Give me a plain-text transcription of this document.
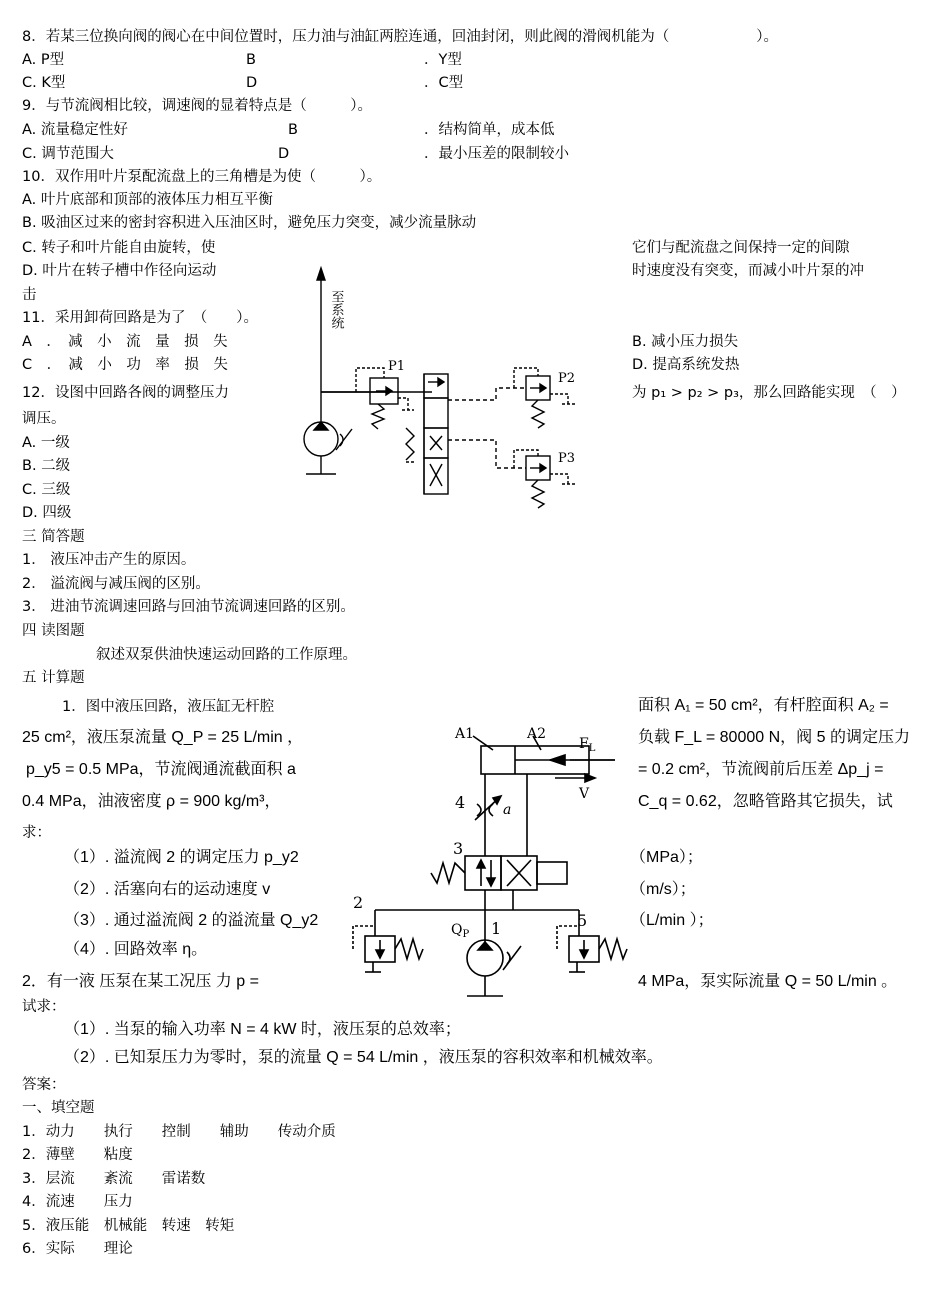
8．若某三位换向阀的阀心在中间位置时，压力油与油缸两腔连通，回油封闭，则此阀的滑阀机能为（　　　　　　）。
A. P型	B	．Y型
C. K型	D	．C型
9．与节流阀相比较，调速阀的显着特点是（　　　）。
A. 流量稳定性好	B	．结构简单，成本低
C. 调节范围大	D	．最小压差的限制较小
10．双作用叶片泵配流盘上的三角槽是为使（　　　）。
A. 叶片底部和顶部的液体压力相互平衡
B. 吸油区过来的密封容积进入压油区时，避免压力突变，减少流量脉动
C. 转子和叶片能自由旋转，使	它们与配流盘之间保持一定的间隙
D. 叶片在转子槽中作径向运动	时速度没有突变，而减小叶片泵的冲
击
11．采用卸荷回路是为了　（　　）。
A　．　减　小　流　量　损　失	B. 减小压力损失
C　．　减　小　功　率　损　失	D. 提高系统发热
12．设图中回路各阀的调整压力	为 p₁ > p₂ > p₃，那么回路能实现　（　）
调压。
A. 一级
B. 二级
C. 三级
D. 四级
至系统
P1
P2
P3
三 简答题
1． 液压冲击产生的原因。
2． 溢流阀与减压阀的区别。
3． 进油节流调速回路与回油节流调速回路的区别。
四 读图题
叙述双泵供油快速运动回路的工作原理。
五 计算题
1．图中液压回路，液压缸无杆腔	面积 A₁ = 50 cm²，有杆腔面积 A₂ =
25 cm²，液压泵流量 Q_P = 25 L/min ，	负载 F_L = 80000 N，阀 5 的调定压力
p_y5 = 0.5 MPa，节流阀通流截面积 a	= 0.2 cm²，节流阀前后压差 Δp_j =
0.4 MPa，油液密度 ρ = 900 kg/m³，	C_q = 0.62，忽略管路其它损失，试
求：
（1）. 溢流阀 2 的调定压力 p_y2	（MPa）；
（2）. 活塞向右的运动速度 v	（m/s）；
（3）. 通过溢流阀 2 的溢流量 Q_y2	（L/min ）；
（4）. 回路效率 η。
2．有一液 压泵在某工况压 力 p =	4 MPa，泵实际流量 Q = 50 L/min 。
试求：
（1）. 当泵的输入功率 N = 4 kW 时，液压泵的总效率；
（2）. 已知泵压力为零时，泵的流量 Q = 54 L/min ，液压泵的容积效率和机械效率。
A1	A2
$F_L$
V
4	a
3
2
$Q_P$ 1	5
答案：
一、填空题
1．动力　　执行　　控制　　辅助　　传动介质
2．薄壁　　粘度
3．层流　　紊流　　雷诺数
4．流速　　压力
5．液压能　机械能　转速　转矩
6．实际　　理论
